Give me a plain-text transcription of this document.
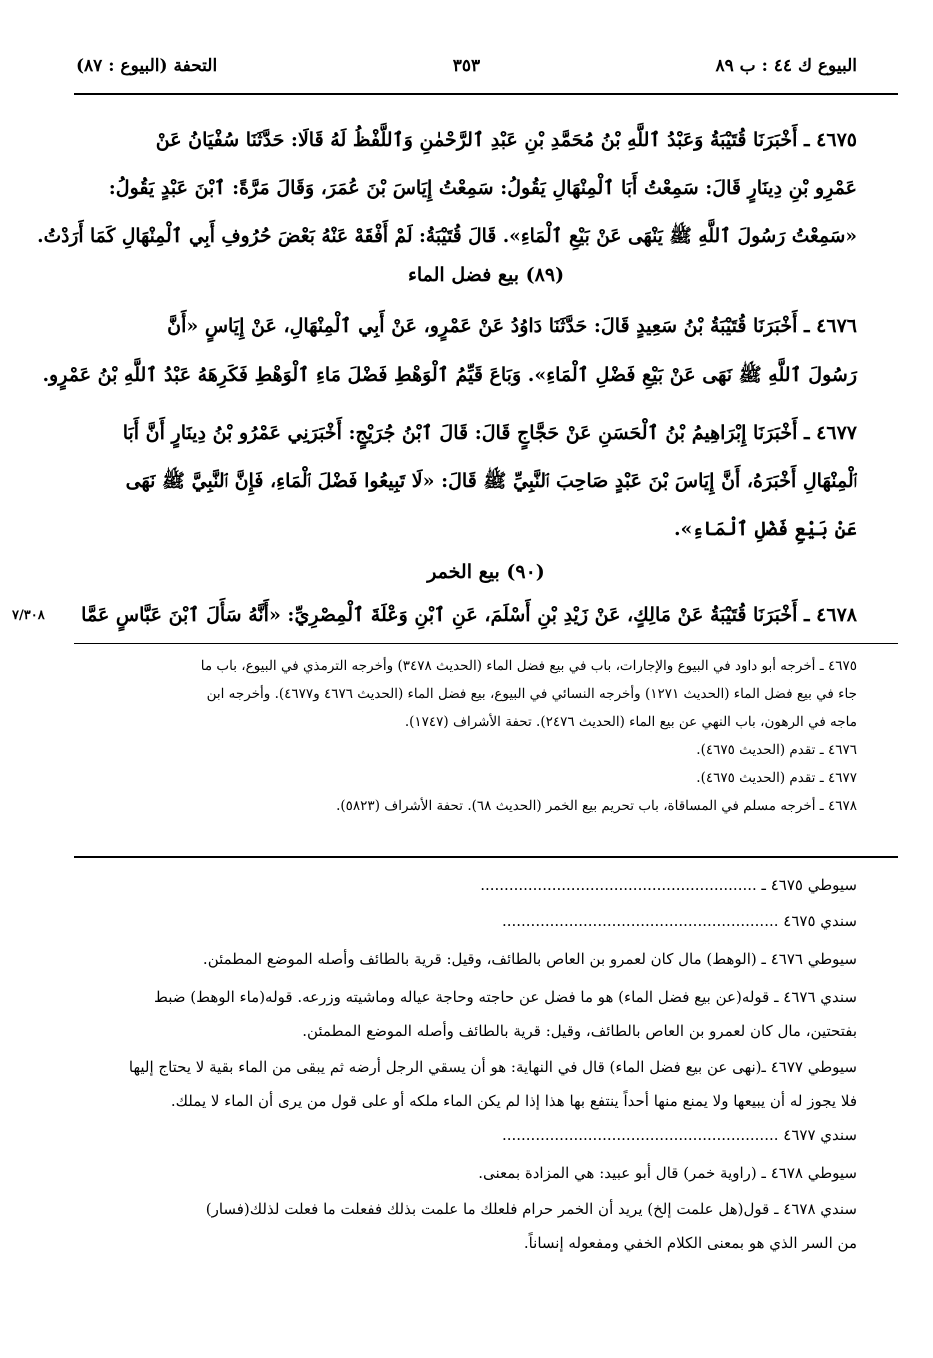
البيوع ك ٤٤ : ب ٨٩
٣٥٣
التحفة (البيوع : ٨٧)
٤٦٧٥ ـ أَخْبَرَنَا قُتَيْبَةُ وَعَبْدُ ٱللَّهِ بْنُ مُحَمَّدِ بْنِ عَبْدِ ٱلرَّحْمٰنِ وَٱللَّفْظُ لَهُ قَالَا: حَدَّثَنَا سُفْيَانُ عَنْ
عَمْرِو بْنِ دِينَارٍ قَالَ: سَمِعْتُ أَبَا ٱلْمِنْهَالِ يَقُولُ: سَمِعْتُ إِيَاسَ بْنَ عُمَرَ، وَقَالَ مَرَّةً: ٱبْنَ عَبْدٍ يَقُولُ:
«سَمِعْتُ رَسُولَ ٱللَّهِ ﷺ يَنْهَى عَنْ بَيْعِ ٱلْمَاءِ». قَالَ قُتَيْبَةُ: لَمْ أَفْقَهْ عَنْهُ بَعْضَ حُرُوفِ أَبِي ٱلْمِنْهَالِ كَمَا أَرَدْتُ.
(٨٩) بيع فضل الماء
٤٦٧٦ ـ أَخْبَرَنَا قُتَيْبَةُ بْنُ سَعِيدٍ قَالَ: حَدَّثَنَا دَاوُدُ عَنْ عَمْرٍو، عَنْ أَبِي ٱلْمِنْهَالِ، عَنْ إِيَاسٍ «أَنَّ
رَسُولَ ٱللَّهِ ﷺ نَهَى عَنْ بَيْعِ فَضْلِ ٱلْمَاءِ». وَبَاعَ قَيِّمُ ٱلْوَهْطِ فَضْلَ مَاءِ ٱلْوَهْطِ فَكَرِهَهُ عَبْدُ ٱللَّهِ بْنُ عَمْرٍو.
٤٦٧٧ ـ أَخْبَرَنَا إِبْرَاهِيمُ بْنُ ٱلْحَسَنِ عَنْ حَجَّاجٍ قَالَ: قَالَ ٱبْنُ جُرَيْجٍ: أَخْبَرَنِي عَمْرُو بْنُ دِينَارٍ أَنَّ أَبَا
ٱلْمِنْهَالِ أَخْبَرَهُ، أَنَّ إِيَاسَ بْنَ عَبْدٍ صَاحِبَ ٱلنَّبِيِّ ﷺ قَالَ: «لَا تَبِيعُوا فَضْلَ ٱلْمَاءِ، فَإِنَّ ٱلنَّبِيَّ ﷺ نَهَى
عَنْ بَيْعِ فَضْلِ ٱلْمَاءِ».
(٩٠) بيع الخمر
٤٦٧٨ ـ أَخْبَرَنَا قُتَيْبَةُ عَنْ مَالِكٍ، عَنْ زَيْدِ بْنِ أَسْلَمَ، عَنِ ٱبْنِ وَعْلَةَ ٱلْمِصْرِيِّ: «أَنَّهُ سَأَلَ ٱبْنَ عَبَّاسٍ عَمَّا
٧/٣٠٨
٤٦٧٥ ـ أخرجه أبو داود في البيوع والإجارات، باب في بيع فضل الماء (الحديث ٣٤٧٨) وأخرجه الترمذي في البيوع، باب ما
جاء في بيع فضل الماء (الحديث ١٢٧١) وأخرجه النسائي في البيوع، بيع فضل الماء (الحديث ٤٦٧٦ و٤٦٧٧). وأخرجه ابن
ماجه في الرهون، باب النهي عن بيع الماء (الحديث ٢٤٧٦). تحفة الأشراف (١٧٤٧).
٤٦٧٦ ـ تقدم (الحديث ٤٦٧٥).
٤٦٧٧ ـ تقدم (الحديث ٤٦٧٥).
٤٦٧٨ ـ أخرجه مسلم في المساقاة، باب تحريم بيع الخمر (الحديث ٦٨). تحفة الأشراف (٥٨٢٣).
سيوطي ٤٦٧٥ ـ ..........................................................
سندي ٤٦٧٥ ..........................................................
سيوطي ٤٦٧٦ ـ (الوهط) مال كان لعمرو بن العاص بالطائف، وقيل: قرية بالطائف وأصله الموضع المطمئن.
سندي ٤٦٧٦ ـ قوله(عن بيع فضل الماء) هو ما فضل عن حاجته وحاجة عياله وماشيته وزرعه. قوله(ماء الوهط) ضبط
بفتحتين، مال كان لعمرو بن العاص بالطائف، وقيل: قرية بالطائف وأصله الموضع المطمئن.
سيوطي ٤٦٧٧ ـ(نهى عن بيع فضل الماء) قال في النهاية: هو أن يسقي الرجل أرضه ثم يبقى من الماء بقية لا يحتاج إليها
فلا يجوز له أن يبيعها ولا يمنع منها أحداً ينتفع بها هذا إذا لم يكن الماء ملكه أو على قول من يرى أن الماء لا يملك.
سندي ٤٦٧٧ ..........................................................
سيوطي ٤٦٧٨ ـ (راوية خمر) قال أبو عبيد: هي المزادة بمعنى.
سندي ٤٦٧٨ ـ قول(هل علمت إلخ) يريد أن الخمر حرام فلعلك ما علمت بذلك ففعلت ما فعلت لذلك(فسار)
من السر الذي هو بمعنى الكلام الخفي ومفعوله إنساناً.
